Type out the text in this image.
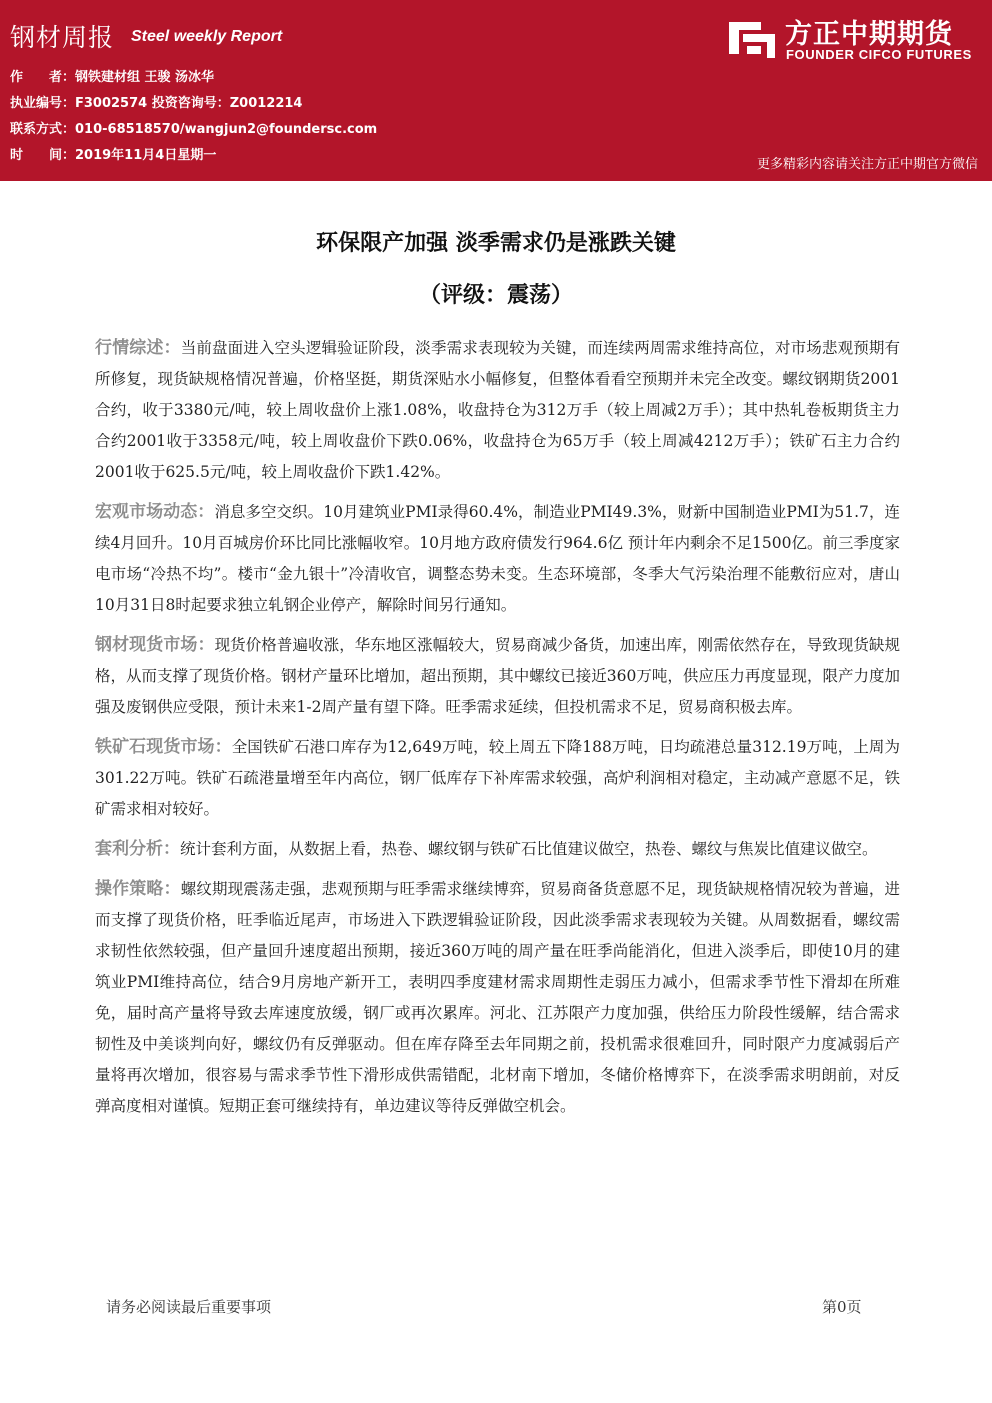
钢材周报 Steel weekly Report
作　　者：钢铁建材组 王骏 汤冰华
执业编号：F3002574 投资咨询号：Z0012214
联系方式：010-68518570/wangjun2@foundersc.com
时　　间：2019年11月4日星期一
方正中期期货
FOUNDER CIFCO FUTURES
更多精彩内容请关注方正中期官方微信
环保限产加强 淡季需求仍是涨跌关键
（评级：震荡）

行情综述：当前盘面进入空头逻辑验证阶段，淡季需求表现较为关键，而连续两周需求维持高位，对市场悲观预期有所修复，现货缺规格情况普遍，价格坚挺，期货深贴水小幅修复，但整体看看空预期并未完全改变。螺纹钢期货2001合约，收于3380元/吨，较上周收盘价上涨1.08%，收盘持仓为312万手（较上周减2万手）；其中热轧卷板期货主力合约2001收于3358元/吨，较上周收盘价下跌0.06%，收盘持仓为65万手（较上周减4212万手）；铁矿石主力合约2001收于625.5元/吨，较上周收盘价下跌1.42%。

宏观市场动态：消息多空交织。10月建筑业PMI录得60.4%，制造业PMI49.3%，财新中国制造业PMI为51.7，连续4月回升。10月百城房价环比同比涨幅收窄。10月地方政府债发行964.6亿 预计年内剩余不足1500亿。前三季度家电市场“冷热不均”。楼市“金九银十”冷清收官，调整态势未变。生态环境部，冬季大气污染治理不能敷衍应对，唐山10月31日8时起要求独立轧钢企业停产，解除时间另行通知。

钢材现货市场：现货价格普遍收涨，华东地区涨幅较大，贸易商减少备货，加速出库，刚需依然存在，导致现货缺规格，从而支撑了现货价格。钢材产量环比增加，超出预期，其中螺纹已接近360万吨，供应压力再度显现，限产力度加强及废钢供应受限，预计未来1-2周产量有望下降。旺季需求延续，但投机需求不足，贸易商积极去库。

铁矿石现货市场：全国铁矿石港口库存为12,649万吨，较上周五下降188万吨，日均疏港总量312.19万吨，上周为301.22万吨。铁矿石疏港量增至年内高位，钢厂低库存下补库需求较强，高炉利润相对稳定，主动减产意愿不足，铁矿需求相对较好。

套利分析：统计套利方面，从数据上看，热卷、螺纹钢与铁矿石比值建议做空，热卷、螺纹与焦炭比值建议做空。

操作策略：螺纹期现震荡走强，悲观预期与旺季需求继续博弈，贸易商备货意愿不足，现货缺规格情况较为普遍，进而支撑了现货价格，旺季临近尾声，市场进入下跌逻辑验证阶段，因此淡季需求表现较为关键。从周数据看，螺纹需求韧性依然较强，但产量回升速度超出预期，接近360万吨的周产量在旺季尚能消化，但进入淡季后，即使10月的建筑业PMI维持高位，结合9月房地产新开工，表明四季度建材需求周期性走弱压力减小，但需求季节性下滑却在所难免，届时高产量将导致去库速度放缓，钢厂或再次累库。河北、江苏限产力度加强，供给压力阶段性缓解，结合需求韧性及中美谈判向好，螺纹仍有反弹驱动。但在库存降至去年同期之前，投机需求很难回升，同时限产力度减弱后产量将再次增加，很容易与需求季节性下滑形成供需错配，北材南下增加，冬储价格博弈下，在淡季需求明朗前，对反弹高度相对谨慎。短期正套可继续持有，单边建议等待反弹做空机会。

请务必阅读最后重要事项	第0页
